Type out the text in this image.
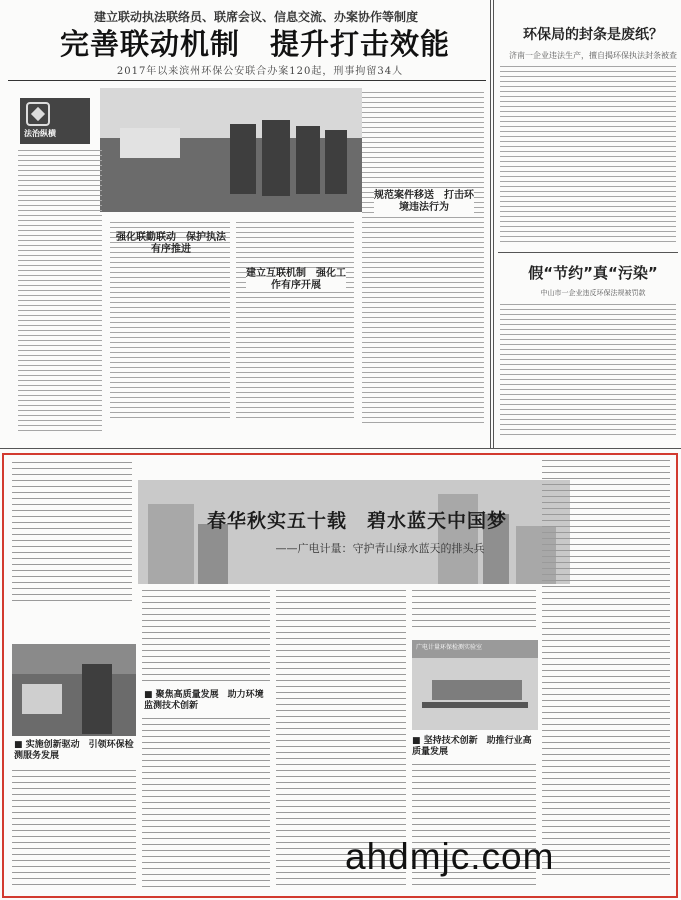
建立联动执法联络员、联席会议、信息交流、办案协作等制度
完善联动机制　提升打击效能
2017年以来滨州环保公安联合办案120起，刑事拘留34人
法治纵横
强化联勤联动　保护执法有序推进
建立互联机制　强化工作有序开展
规范案件移送　打击环境违法行为
环保局的封条是废纸？
济南一企业违法生产，擅自揭环保执法封条被查
假“节约”真“污染”
中山市一企业违反环保法规被罚款
春华秋实五十载　碧水蓝天中国梦
——广电计量：守护青山绿水蓝天的排头兵
■ 实施创新驱动　引领环保检测服务发展
■ 聚焦高质量发展　助力环境监测技术创新
广电计量环保检测实验室
■ 坚持技术创新　助推行业高质量发展
ahdmjc.com
